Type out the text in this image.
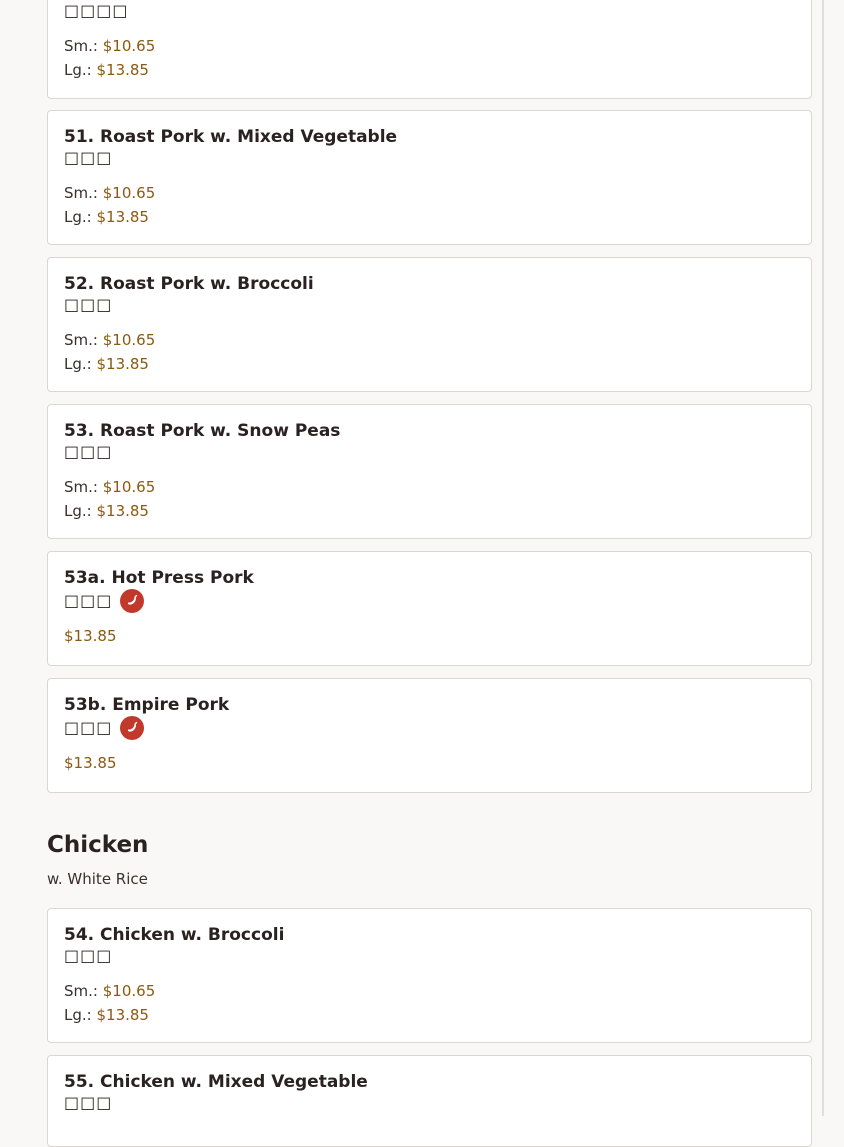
□□□□
Sm.: $10.65
Lg.: $13.85
51. Roast Pork w. Mixed Vegetable
□□□
Sm.: $10.65
Lg.: $13.85
52. Roast Pork w. Broccoli
□□□
Sm.: $10.65
Lg.: $13.85
53. Roast Pork w. Snow Peas
□□□
Sm.: $10.65
Lg.: $13.85
53a. Hot Press Pork
□□□
$13.85
53b. Empire Pork
□□□
$13.85
Chicken
w. White Rice
54. Chicken w. Broccoli
□□□
Sm.: $10.65
Lg.: $13.85
55. Chicken w. Mixed Vegetable
□□□
